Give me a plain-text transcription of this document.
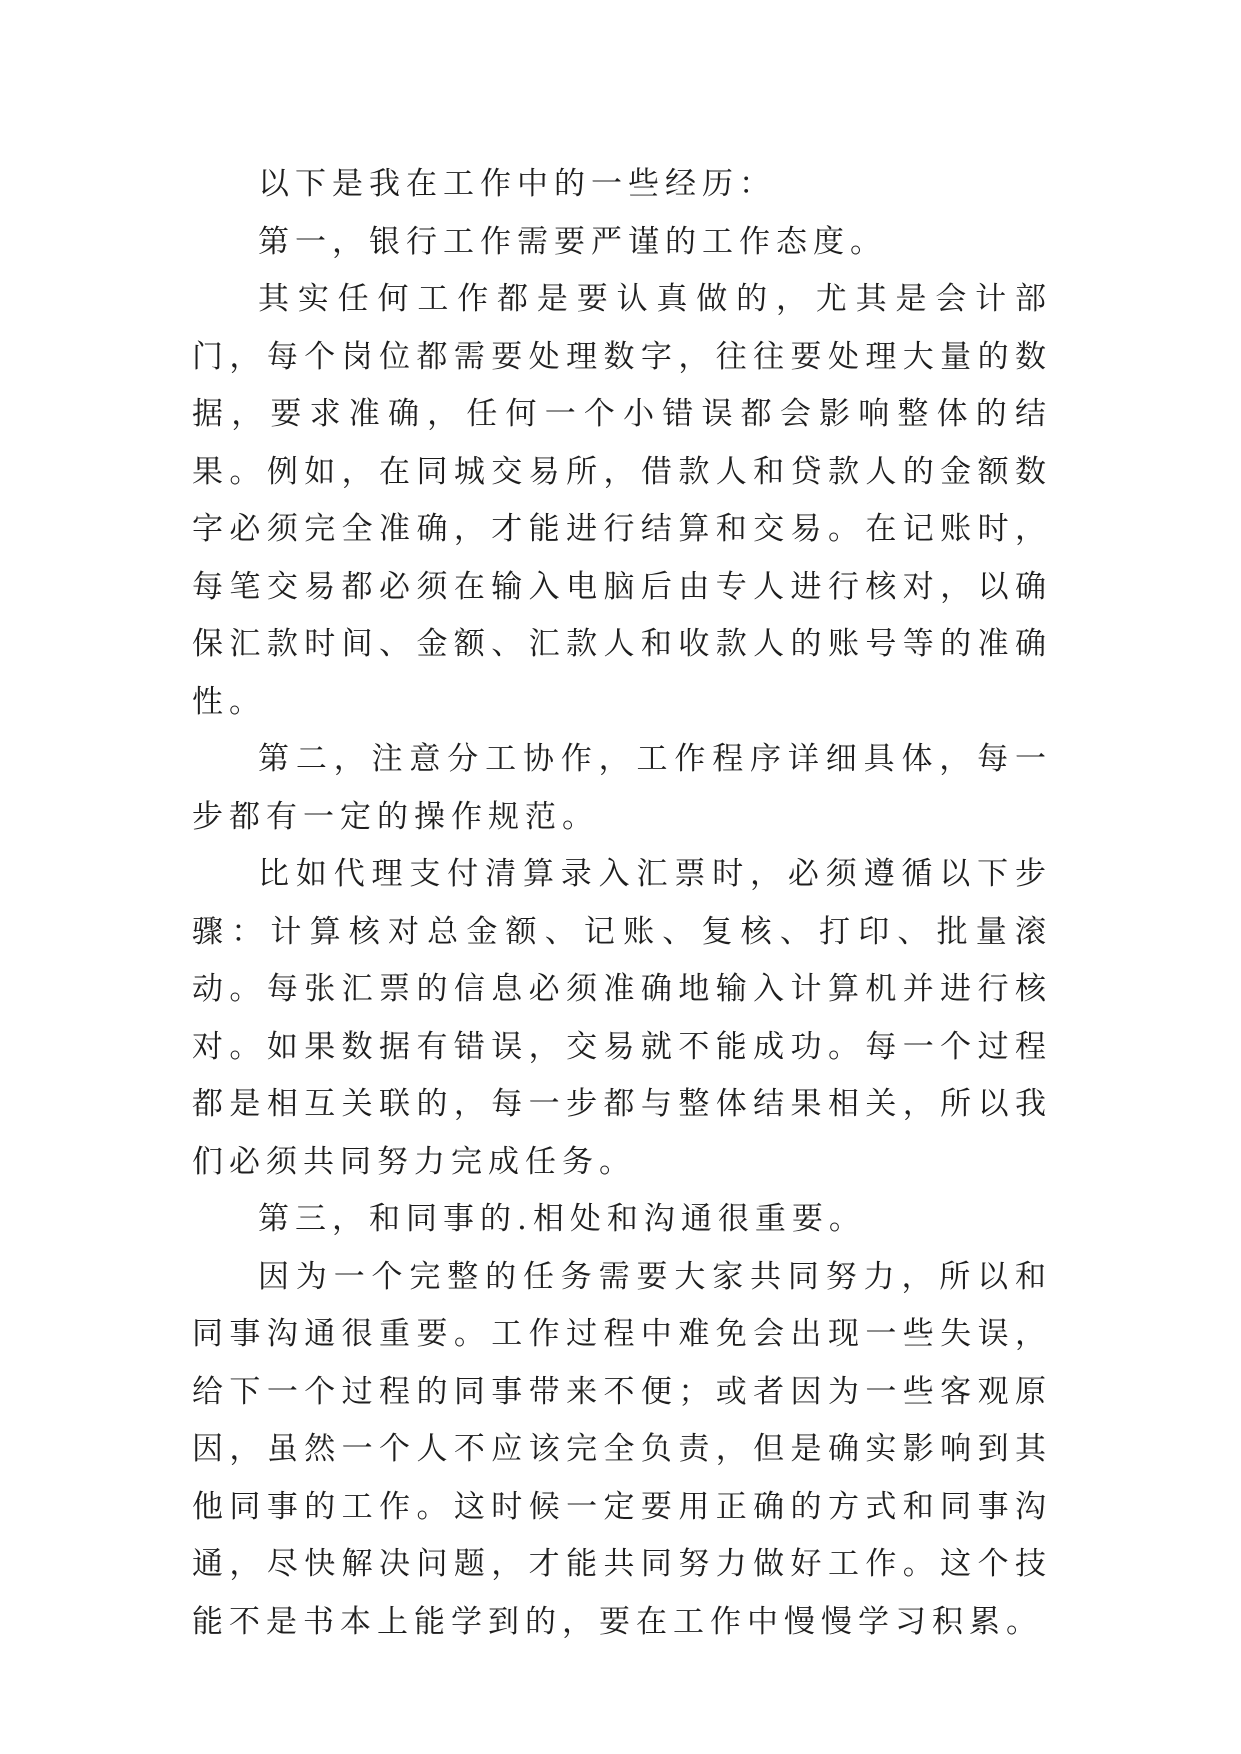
以下是我在工作中的一些经历：

第一，银行工作需要严谨的工作态度。

其实任何工作都是要认真做的，尤其是会计部门，每个岗位都需要处理数字，往往要处理大量的数据，要求准确，任何一个小错误都会影响整体的结果。例如，在同城交易所，借款人和贷款人的金额数字必须完全准确，才能进行结算和交易。在记账时，每笔交易都必须在输入电脑后由专人进行核对，以确保汇款时间、金额、汇款人和收款人的账号等的准确性。

第二，注意分工协作，工作程序详细具体，每一步都有一定的操作规范。

比如代理支付清算录入汇票时，必须遵循以下步骤：计算核对总金额、记账、复核、打印、批量滚动。每张汇票的信息必须准确地输入计算机并进行核对。如果数据有错误，交易就不能成功。每一个过程都是相互关联的，每一步都与整体结果相关，所以我们必须共同努力完成任务。

第三，和同事的.相处和沟通很重要。

因为一个完整的任务需要大家共同努力，所以和同事沟通很重要。工作过程中难免会出现一些失误，给下一个过程的同事带来不便；或者因为一些客观原因，虽然一个人不应该完全负责，但是确实影响到其他同事的工作。这时候一定要用正确的方式和同事沟通，尽快解决问题，才能共同努力做好工作。这个技能不是书本上能学到的，要在工作中慢慢学习积累。
